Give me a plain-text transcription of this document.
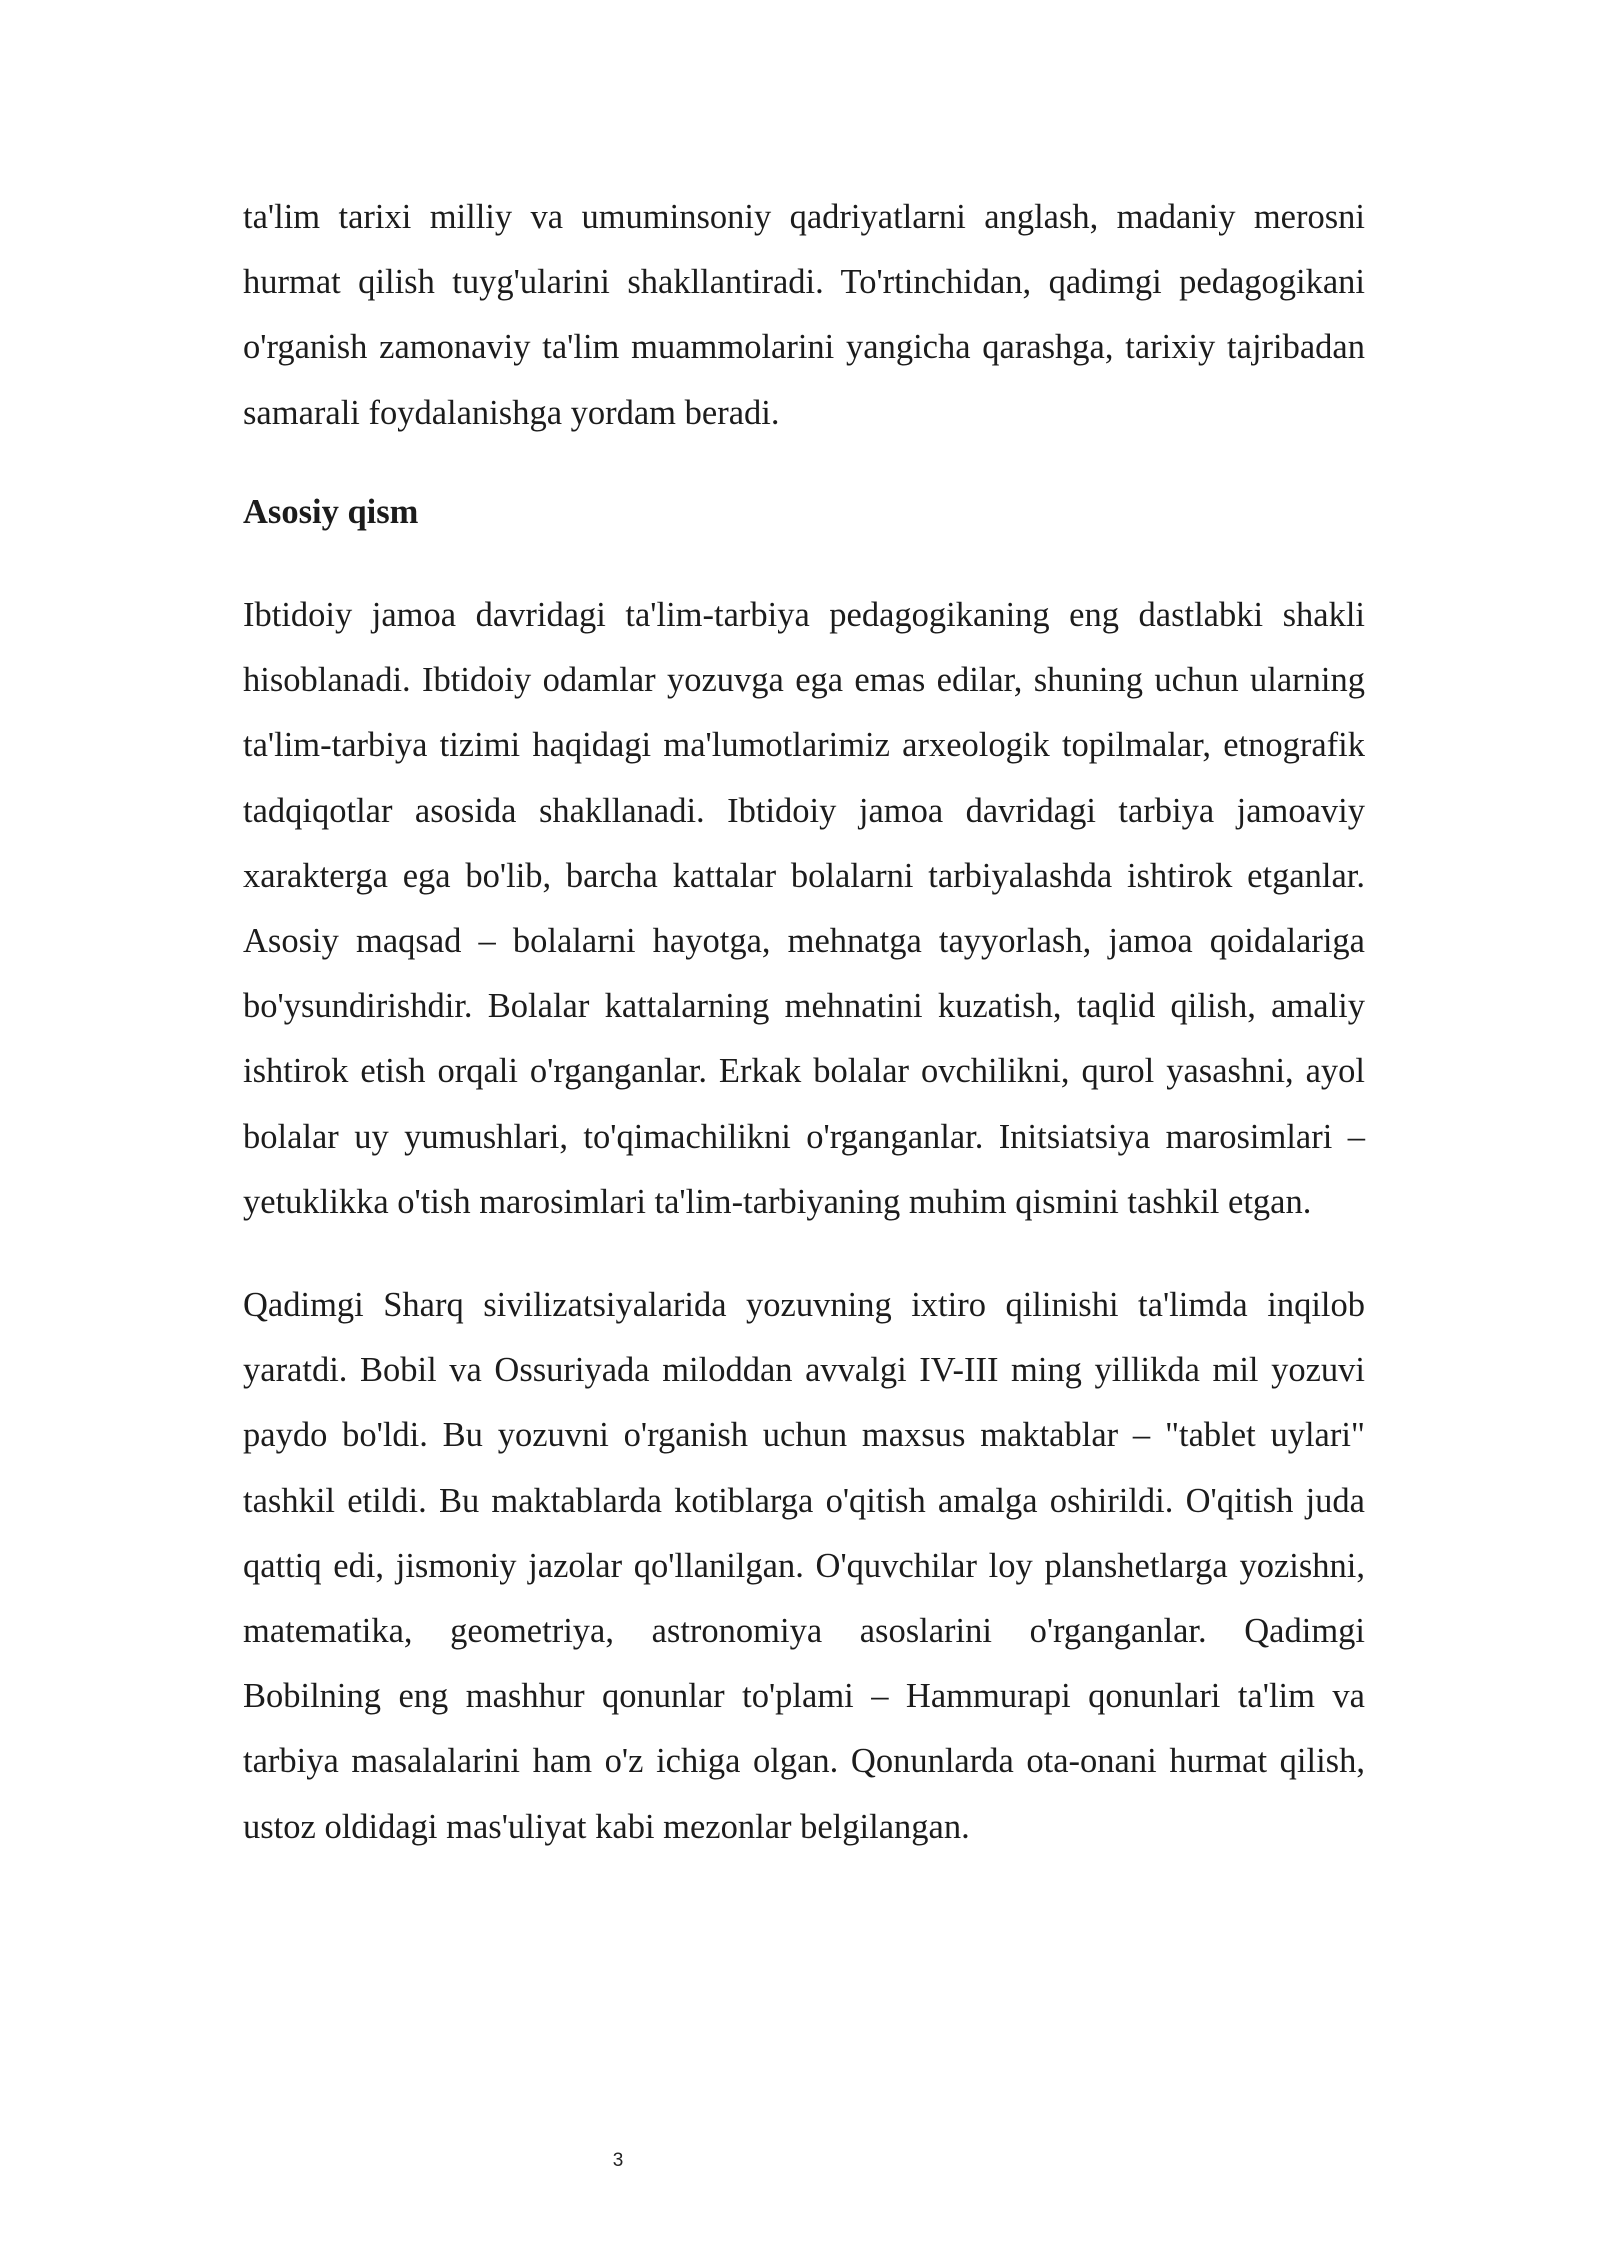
ta'lim tarixi milliy va umuminsoniy qadriyatlarni anglash, madaniy merosni hurmat qilish tuyg'ularini shakllantiradi. To'rtinchidan, qadimgi pedagogikani o'rganish zamonaviy ta'lim muammolarini yangicha qarashga, tarixiy tajribadan samarali foydalanishga yordam beradi.

Asosiy qism

Ibtidoiy jamoa davridagi ta'lim-tarbiya pedagogikaning eng dastlabki shakli hisoblanadi. Ibtidoiy odamlar yozuvga ega emas edilar, shuning uchun ularning ta'lim-tarbiya tizimi haqidagi ma'lumotlarimiz arxeologik topilmalar, etnografik tadqiqotlar asosida shakllanadi. Ibtidoiy jamoa davridagi tarbiya jamoaviy xarakterga ega bo'lib, barcha kattalar bolalarni tarbiyalashda ishtirok etganlar. Asosiy maqsad – bolalarni hayotga, mehnatga tayyorlash, jamoa qoidalariga bo'ysundirishdir. Bolalar kattalarning mehnatini kuzatish, taqlid qilish, amaliy ishtirok etish orqali o'rganganlar. Erkak bolalar ovchilikni, qurol yasashni, ayol bolalar uy yumushlari, to'qimachilikni o'rganganlar. Initsiatsiya marosimlari – yetuklikka o'tish marosimlari ta'lim-tarbiyaning muhim qismini tashkil etgan.

Qadimgi Sharq sivilizatsiyalarida yozuvning ixtiro qilinishi ta'limda inqilob yaratdi. Bobil va Ossuriyada miloddan avvalgi IV-III ming yillikda mil yozuvi paydo bo'ldi. Bu yozuvni o'rganish uchun maxsus maktablar – "tablet uylari" tashkil etildi. Bu maktablarda kotiblarga o'qitish amalga oshirildi. O'qitish juda qattiq edi, jismoniy jazolar qo'llanilgan. O'quvchilar loy planshetlarga yozishni, matematika, geometriya, astronomiya asoslarini o'rganganlar. Qadimgi Bobilning eng mashhur qonunlar to'plami – Hammurapi qonunlari ta'lim va tarbiya masalalarini ham o'z ichiga olgan. Qonunlarda ota-onani hurmat qilish, ustoz oldidagi mas'uliyat kabi mezonlar belgilangan.

3
